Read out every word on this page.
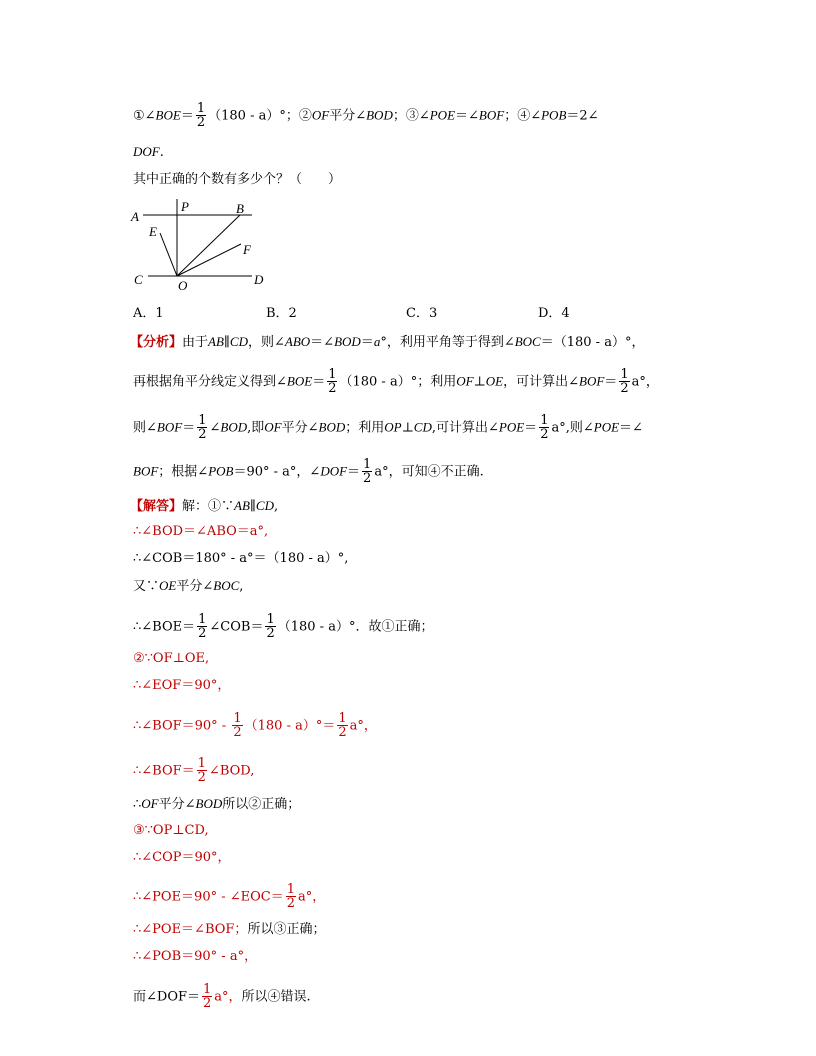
①∠BOE＝ $\frac{1}{2} (180 - a)^\circ$；②OF平分∠BOD；③∠POE＝∠BOF；④∠POB＝2∠
DOF.
其中正确的个数有多少个？（　　）
A
P	B
E
F
C	O	D
A．1	B．2	C．3	D．4
【分析】由于AB∥CD，则∠ABO＝∠BOD＝a°，利用平角等于得到∠BOC＝（180 - a）°，
再根据角平分线定义得到∠BOE＝ $\frac{1}{2} (180 - a)^\circ$；利用OF⊥OE，可计算出∠BOF＝ $\frac{1}{2} a^\circ$，
则∠BOF＝ $\frac{1}{2}$ ∠BOD,即OF平分∠BOD；利用OP⊥CD,可计算出∠POE＝ $\frac{1}{2} a^\circ$,则∠POE＝∠
BOF；根据∠POB＝90° - a°，∠DOF＝ $\frac{1}{2} a^\circ$，可知④不正确.
【解答】解：①∵AB∥CD,
∴∠BOD＝∠ABO＝a°,
∴∠COB＝180° - a°＝（180 - a）°,
又∵OE平分∠BOC,
∴∠BOE＝ $\frac{1}{2}$ ∠COB＝ $\frac{1}{2} (180 - a)^\circ$．故①正确；
②∵OF⊥OE,
∴∠EOF＝90°，
∴∠BOF＝90° - $\frac{1}{2} (180 - a)^\circ= \frac{1}{2} a^\circ$，
∴∠BOF＝ $\frac{1}{2}$ ∠BOD,
∴OF平分∠BOD所以②正确；
③∵OP⊥CD,
∴∠COP＝90°，
∴∠POE＝90° - ∠EOC＝ $\frac{1}{2} a^\circ$，
∴∠POE＝∠BOF；所以③正确；
∴∠POB＝90° - a°，
而∠DOF＝ $\frac{1}{2} a^\circ$，所以④错误.
